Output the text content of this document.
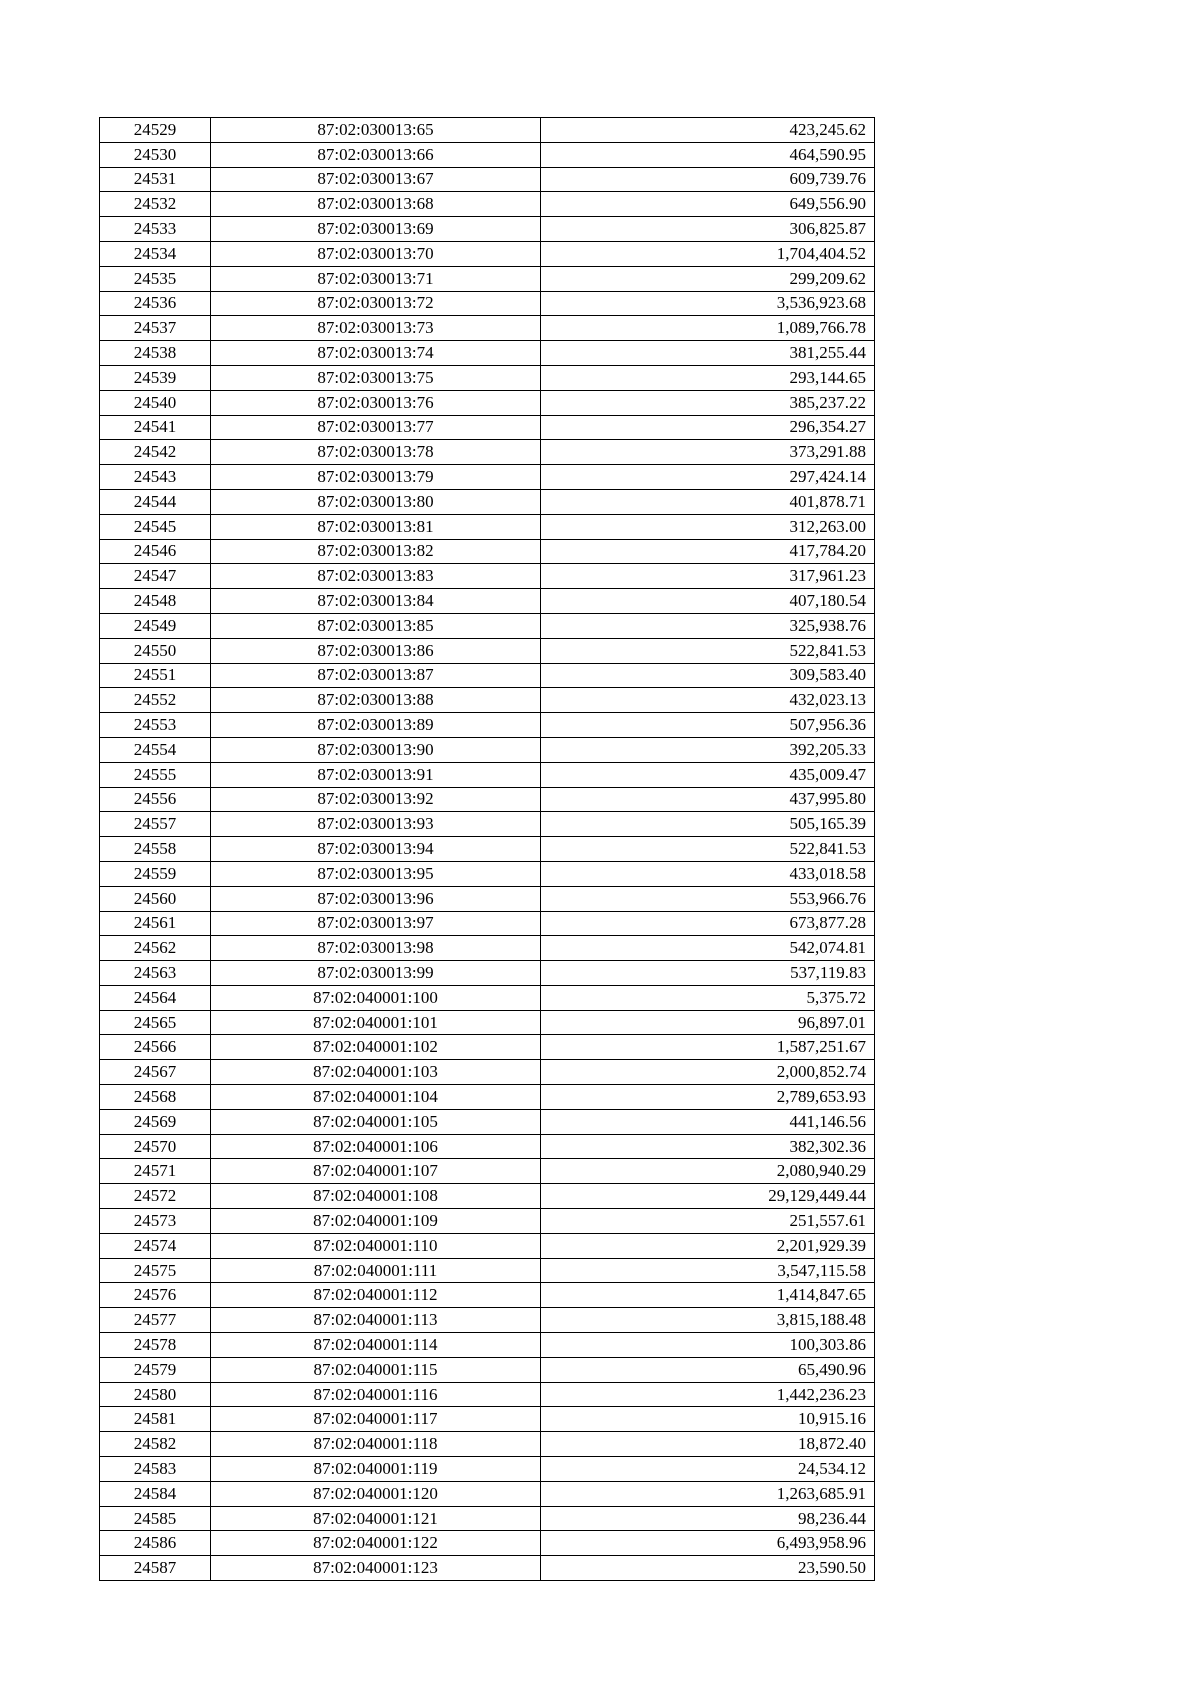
24529	87:02:030013:65	423,245.62
24530	87:02:030013:66	464,590.95
24531	87:02:030013:67	609,739.76
24532	87:02:030013:68	649,556.90
24533	87:02:030013:69	306,825.87
24534	87:02:030013:70	1,704,404.52
24535	87:02:030013:71	299,209.62
24536	87:02:030013:72	3,536,923.68
24537	87:02:030013:73	1,089,766.78
24538	87:02:030013:74	381,255.44
24539	87:02:030013:75	293,144.65
24540	87:02:030013:76	385,237.22
24541	87:02:030013:77	296,354.27
24542	87:02:030013:78	373,291.88
24543	87:02:030013:79	297,424.14
24544	87:02:030013:80	401,878.71
24545	87:02:030013:81	312,263.00
24546	87:02:030013:82	417,784.20
24547	87:02:030013:83	317,961.23
24548	87:02:030013:84	407,180.54
24549	87:02:030013:85	325,938.76
24550	87:02:030013:86	522,841.53
24551	87:02:030013:87	309,583.40
24552	87:02:030013:88	432,023.13
24553	87:02:030013:89	507,956.36
24554	87:02:030013:90	392,205.33
24555	87:02:030013:91	435,009.47
24556	87:02:030013:92	437,995.80
24557	87:02:030013:93	505,165.39
24558	87:02:030013:94	522,841.53
24559	87:02:030013:95	433,018.58
24560	87:02:030013:96	553,966.76
24561	87:02:030013:97	673,877.28
24562	87:02:030013:98	542,074.81
24563	87:02:030013:99	537,119.83
24564	87:02:040001:100	5,375.72
24565	87:02:040001:101	96,897.01
24566	87:02:040001:102	1,587,251.67
24567	87:02:040001:103	2,000,852.74
24568	87:02:040001:104	2,789,653.93
24569	87:02:040001:105	441,146.56
24570	87:02:040001:106	382,302.36
24571	87:02:040001:107	2,080,940.29
24572	87:02:040001:108	29,129,449.44
24573	87:02:040001:109	251,557.61
24574	87:02:040001:110	2,201,929.39
24575	87:02:040001:111	3,547,115.58
24576	87:02:040001:112	1,414,847.65
24577	87:02:040001:113	3,815,188.48
24578	87:02:040001:114	100,303.86
24579	87:02:040001:115	65,490.96
24580	87:02:040001:116	1,442,236.23
24581	87:02:040001:117	10,915.16
24582	87:02:040001:118	18,872.40
24583	87:02:040001:119	24,534.12
24584	87:02:040001:120	1,263,685.91
24585	87:02:040001:121	98,236.44
24586	87:02:040001:122	6,493,958.96
24587	87:02:040001:123	23,590.50
